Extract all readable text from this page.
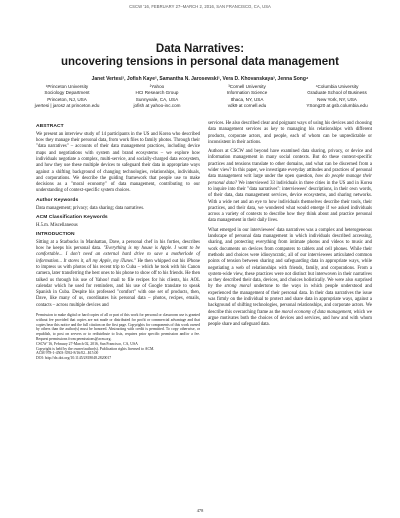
CSCW '16, FEBRUARY 27–MARCH 2, 2016, SAN FRANCISCO, CA, USA
Data Narratives:
uncovering tensions in personal data management
Janet Vertesi¹, Jofish Kaye², Samantha N. Jarosewski¹, Vera D. Khovanskaya³, Jenna Song⁴
¹Princeton University
Sociology Department
Princeton, NJ, USA
jvertesi | jarosz at princeton.edu
²Yahoo
HCI Research Group
Sunnyvale, CA, USA
jofish at yahoo-inc.com
³Cornell University
Information Science
Ithaca, NY, USA
vdk9 at cornell.edu
⁴Columbia University
Graduate School of Business
New York, NY, USA
YSong20 at gsb.columbia.edu
ABSTRACT

We present an interview study of 14 participants in the US and Korea who described how they manage their personal data, from work files to family photos. Through their "data narratives" – accounts of their data management practices, including device maps and negotiations with system and brand ecosystems – we explore how individuals negotiate a complex, multi-service, and socially-charged data ecosystem, and how they use these multiple devices to safeguard their data in appropriate ways against a shifting background of changing technologies, relationships, individuals, and corporations. We describe the guiding framework that people use to make decisions as a "moral economy" of data management, contributing to our understanding of context-specific system choices.

Author Keywords

Data management; privacy; data sharing; data narratives.

ACM Classification Keywords

H.5.m. Miscellaneous

INTRODUCTION

Sitting at a Starbucks in Manhattan, Dave, a personal chef in his forties, describes how he keeps his personal data. "Everything is my house is Apple. I want to be comfortable... I don't need an external hard drive to save a motherlode of information... It stores it, all my Apple, my iTunes." He then whipped out his iPhone to impress us with photos of his recent trip to Cuba – which he took with his Canon camera, later transferring the best ones to his phone to show off to his friends. He then talked us through his use of Yahoo! mail to file recipes for his clients, his AOL calendar which he used for reminders, and his use of Google translate to speak Spanish in Cuba. Despite his professed "comfort" with one set of products, then, Dave, like many of us, coordinates his personal data – photos, recipes, emails, contacts – across multiple devices and

Permission to make digital or hard copies of all or part of this work for personal or classroom use is granted without fee provided that copies are not made or distributed for profit or commercial advantage and that copies bear this notice and the full citation on the first page. Copyrights for components of this work owned by others than the author(s) must be honored. Abstracting with credit is permitted. To copy otherwise, or republish, to post on servers or to redistribute to lists, requires prior specific permission and/or a fee. Request permissions from permissions@acm.org.
CSCW '16, February 27-March 02, 2016, San Francisco, CA, USA
Copyright is held by the owner/author(s). Publication rights licensed to ACM.
ACM 978-1-4503-3592-8/16/02...$15.00
DOI: http://dx.doi.org/10.1145/2818048.2820017

services. He also described clear and poignant ways of using his devices and choosing data management services as key to managing his relationships with different products, corporate actors, and people, each of whom can be unpredictable or inconsistent in their actions.

Authors at CSCW and beyond have examined data sharing, privacy, or device and information management in many social contexts. But do these context-specific practices and tensions translate to other domains, and what can be discerned from a wider view? In this paper, we investigate everyday attitudes and practices of personal data management writ large under the open question, how do people manage their personal data? We interviewed 33 individuals in three cities in the US and in Korea to inquire into their "data narratives": interviewees' descriptions, in their own words, of their data, data management services, device ecosystems, and sharing networks. With a wide net and an eye to how individuals themselves describe their tools, their practices, and their data, we wondered what would emerge if we asked individuals across a variety of contexts to describe how they think about and practice personal data management in their daily lives.

What emerged in our interviewees' data narratives was a complex and heterogeneous landscape of personal data management in which individuals described accessing, sharing, and protecting everything from intimate photos and videos to music and work documents on devices from computers to tablets and cell phones. While their methods and choices were idiosyncratic, all of our interviewees articulated common points of tension between sharing and safeguarding data in appropriate ways, while negotiating a web of relationships with friends, family, and corporations. From a system-wide view, these practices were not distinct but interwoven in their narratives as they described their data, devices, and choices holistically. We were also surprised by the strong moral undertone to the ways in which people understood and experienced the management of their personal data. In their data narratives the issue was firmly on the individual to protect and share data in appropriate ways, against a background of shifting technologies, personal relationships, and corporate actors. We describe this overarching frame as the moral economy of data management, which we argue motivates both the choices of devices and services, and how and with whom people share and safeguard data.

478
